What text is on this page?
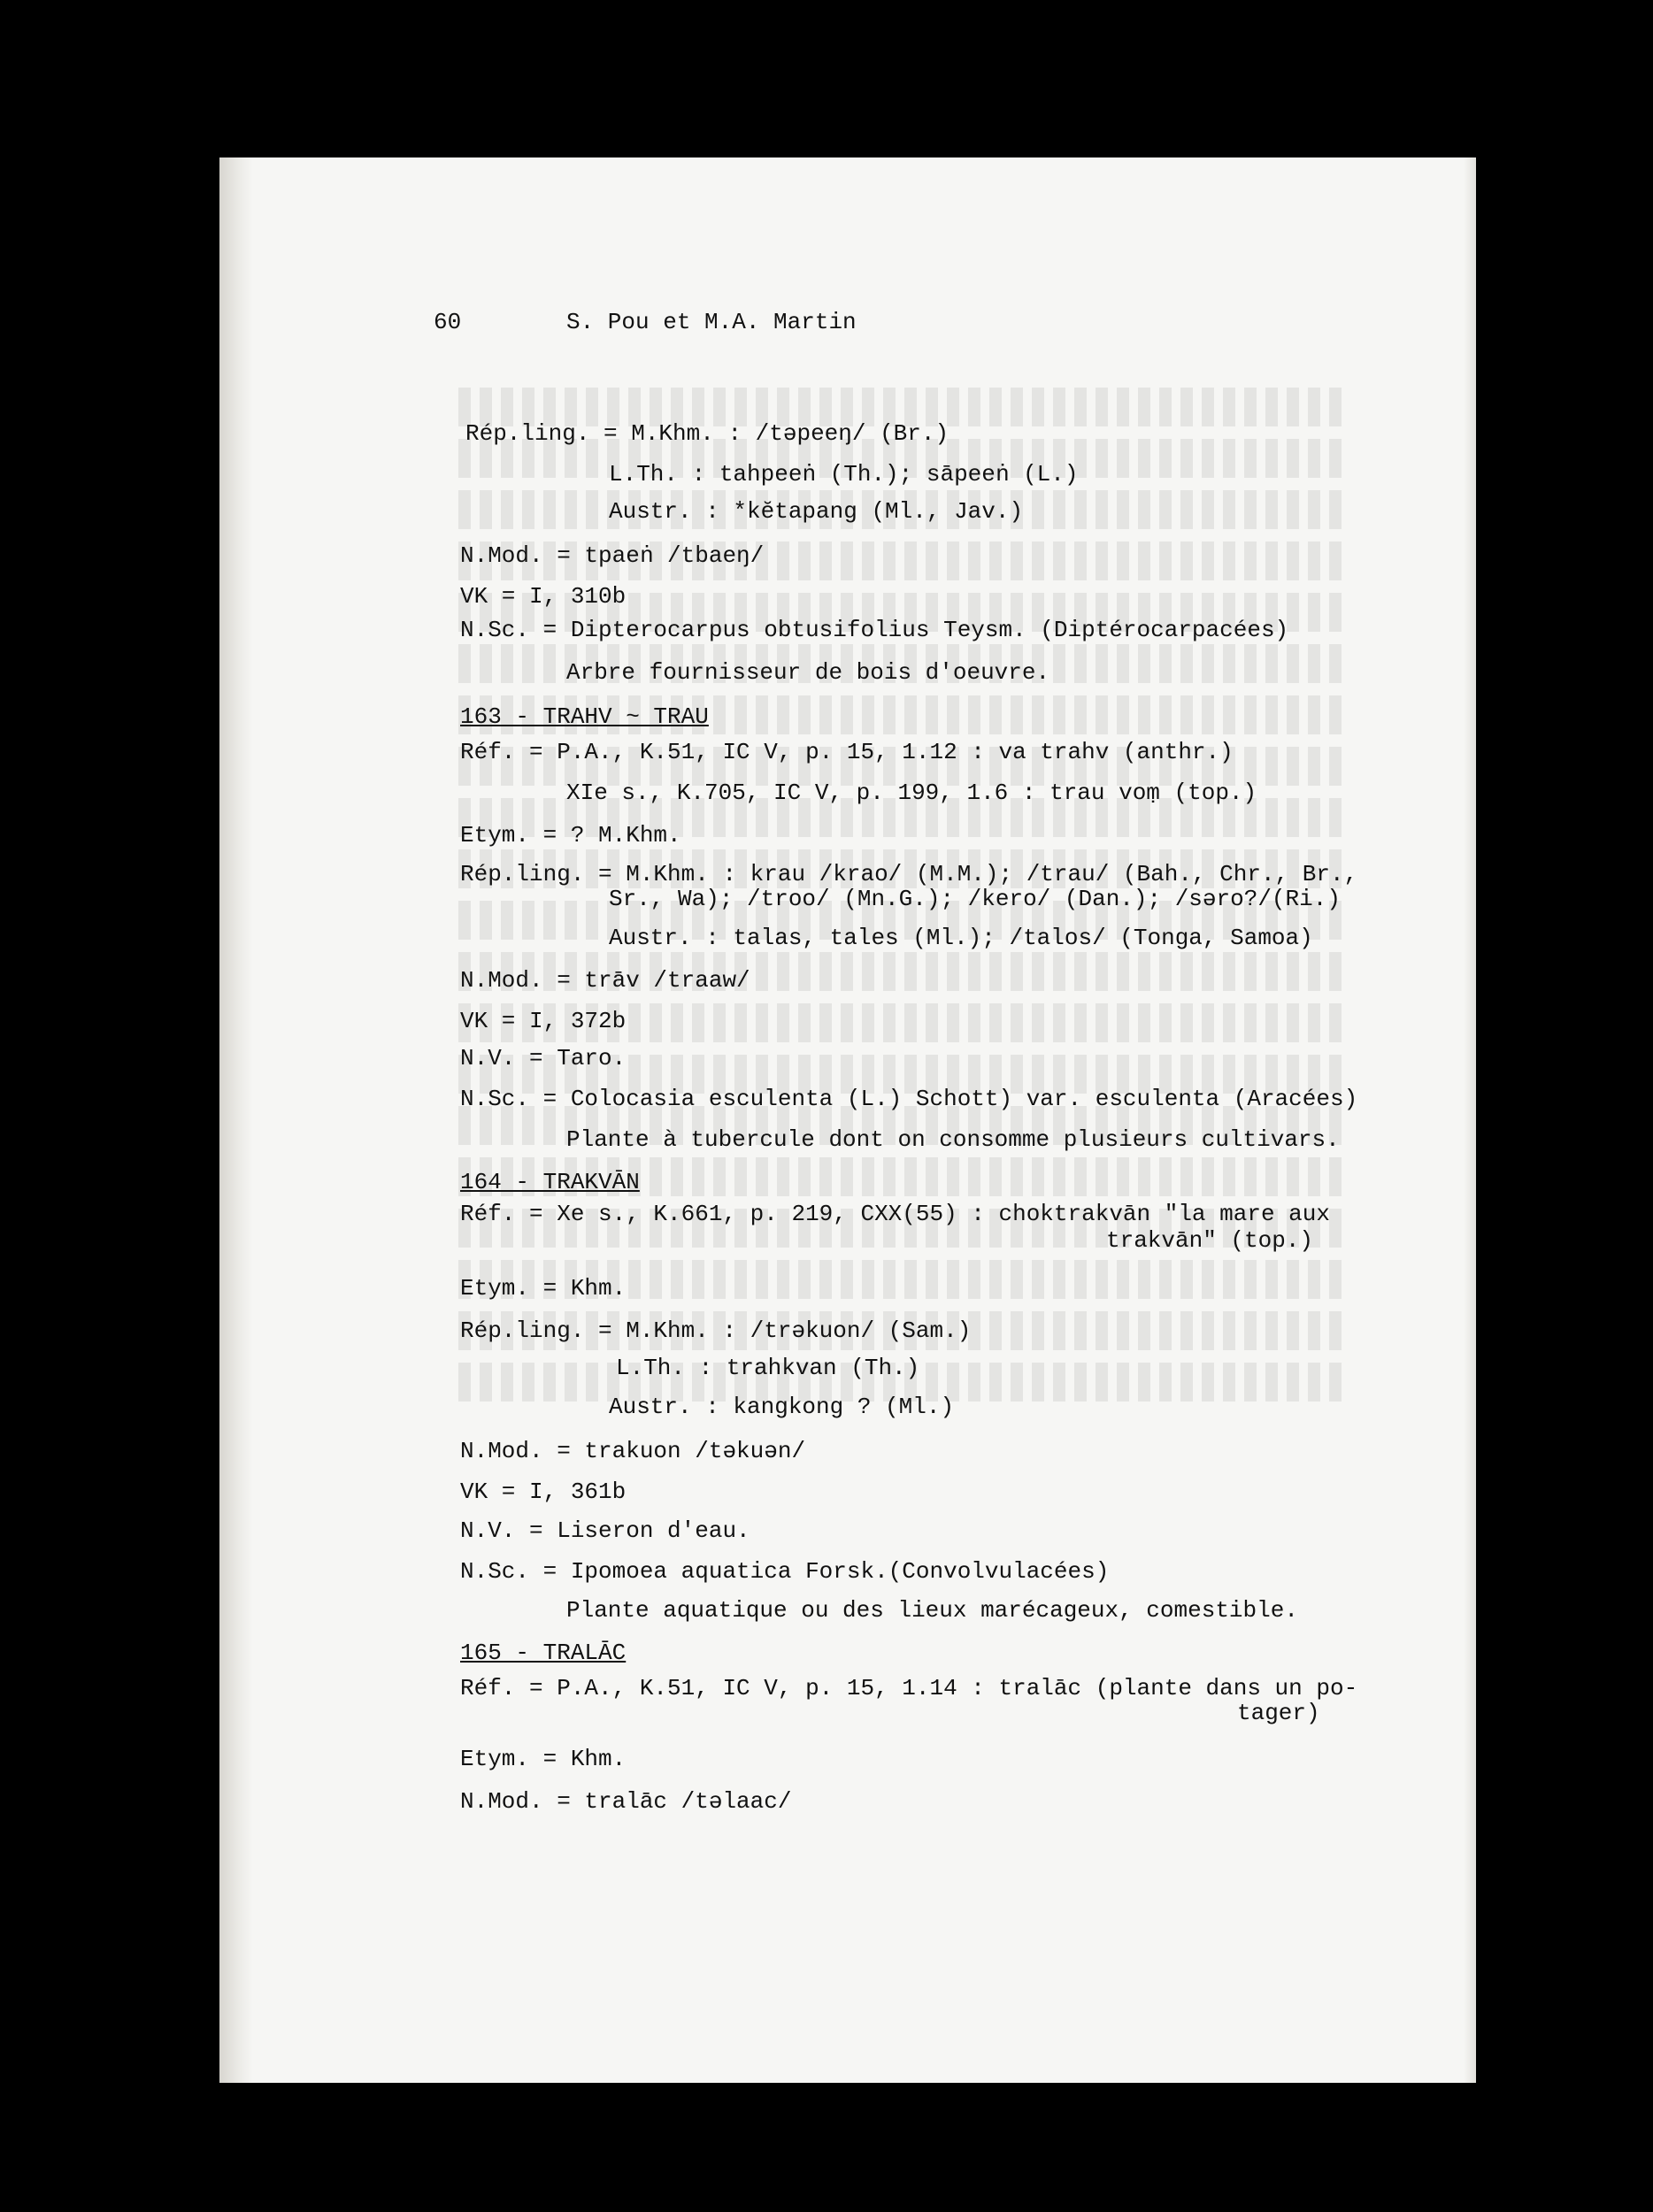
60	S. Pou et M.A. Martin
Rép.ling. = M.Khm. : /təpeeŋ/ (Br.)
L.Th. : tahpeeṅ (Th.); sāpeeṅ (L.)
Austr. : *kĕtapang (Ml., Jav.)
N.Mod. = tpaeṅ /tbaeŋ/
VK = I, 310b
N.Sc. = Dipterocarpus obtusifolius Teysm. (Diptérocarpacées)
Arbre fournisseur de bois d'oeuvre.
163 - TRAHV ~ TRAU
Réf. = P.A., K.51, IC V, p. 15, 1.12 : va trahv (anthr.)
XIe s., K.705, IC V, p. 199, 1.6 : trau voṃ (top.)
Etym. = ? M.Khm.
Rép.ling. = M.Khm. : krau /krao/ (M.M.); /trau/ (Bah., Chr., Br.,
Sr., Wa); /troo/ (Mn.G.); /kero/ (Dan.); /səro?/(Ri.)
Austr. : talas, tales (Ml.); /talos/ (Tonga, Samoa)
N.Mod. = trāv /traaw/
VK = I, 372b
N.V. = Taro.
N.Sc. = Colocasia esculenta (L.) Schott) var. esculenta (Aracées)
Plante à tubercule dont on consomme plusieurs cultivars.
164 - TRAKVĀN
Réf. = Xe s., K.661, p. 219, CXX(55) : choktrakvān "la mare aux
trakvān" (top.)
Etym. = Khm.
Rép.ling. = M.Khm. : /trəkuon/ (Sam.)
L.Th. : trahkvan (Th.)
Austr. : kangkong ? (Ml.)
N.Mod. = trakuon /təkuən/
VK = I, 361b
N.V. = Liseron d'eau.
N.Sc. = Ipomoea aquatica Forsk.(Convolvulacées)
Plante aquatique ou des lieux marécageux, comestible.
165 - TRALĀC
Réf. = P.A., K.51, IC V, p. 15, 1.14 : tralāc (plante dans un po-
tager)
Etym. = Khm.
N.Mod. = tralāc /təlaac/
